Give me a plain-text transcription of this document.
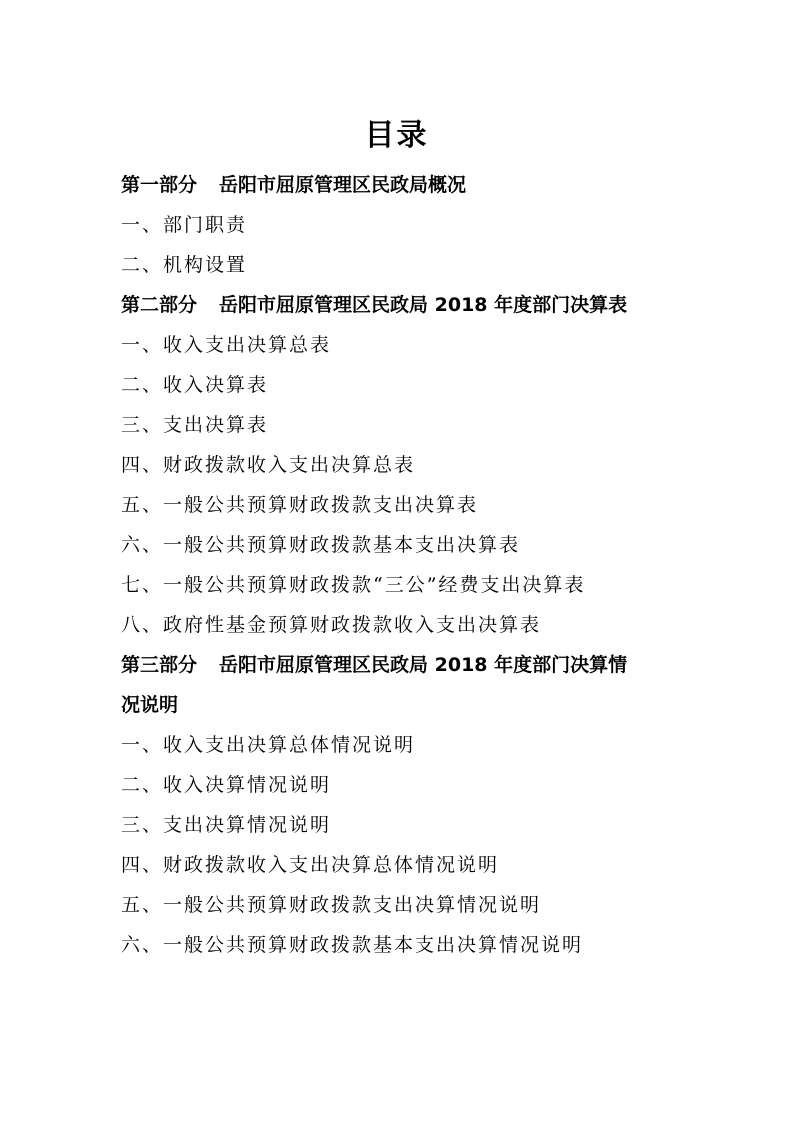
目录
第一部分 岳阳市屈原管理区民政局概况
一、部门职责
二、机构设置
第二部分 岳阳市屈原管理区民政局 2018 年度部门决算表
一、收入支出决算总表
二、收入决算表
三、支出决算表
四、财政拨款收入支出决算总表
五、一般公共预算财政拨款支出决算表
六、一般公共预算财政拨款基本支出决算表
七、一般公共预算财政拨款“三公”经费支出决算表
八、政府性基金预算财政拨款收入支出决算表
第三部分 岳阳市屈原管理区民政局 2018 年度部门决算情
况说明
一、收入支出决算总体情况说明
二、收入决算情况说明
三、支出决算情况说明
四、财政拨款收入支出决算总体情况说明
五、一般公共预算财政拨款支出决算情况说明
六、一般公共预算财政拨款基本支出决算情况说明
